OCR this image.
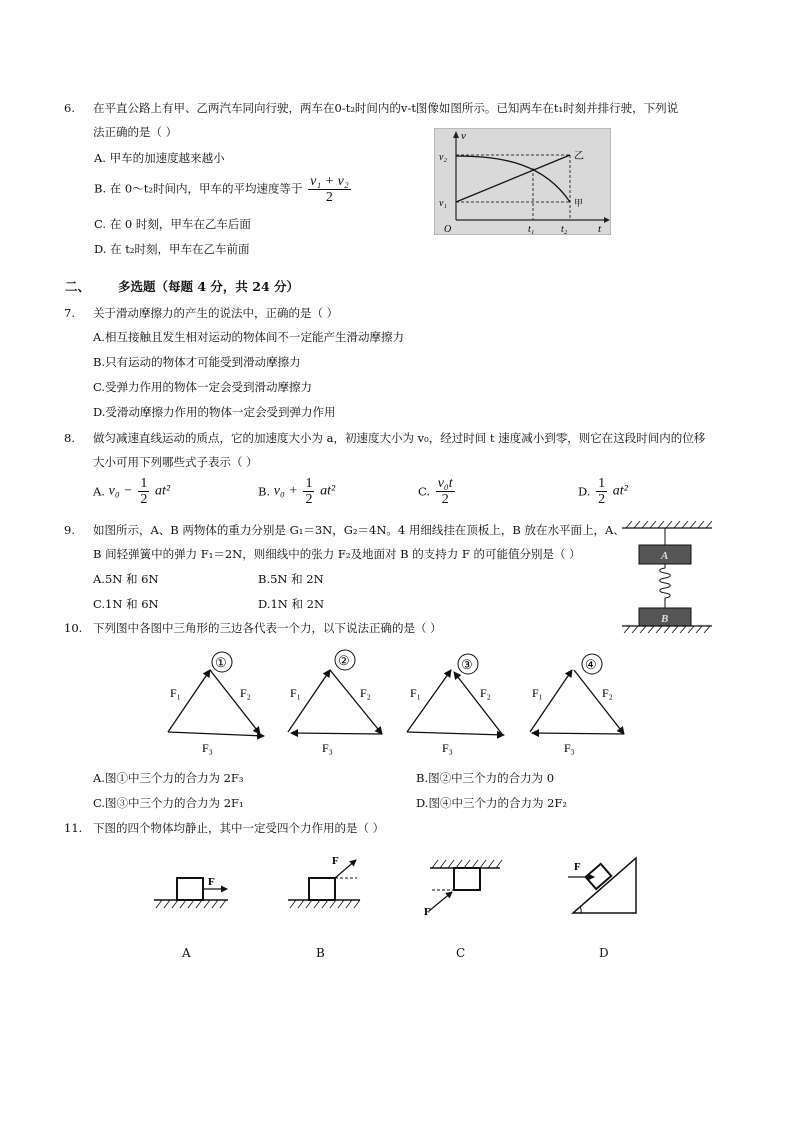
6. 在平直公路上有甲、乙两汽车同向行驶，两车在0-t₂时间内的v-t图像如图所示。已知两车在t₁时刻并排行驶，下列说
法正确的是（ ）
A. 甲车的加速度越来越小
B. 在 0～t₂时间内，甲车的平均速度等于 $\frac{\text{v₁ + v₂}}{2}$
C. 在 0 时刻，甲车在乙车后面
D. 在 t₂时刻，甲车在乙车前面
v
t
O
v₂
v₁
t₁	t₂
乙
甲
二、 多选题（每题 4 分，共 24 分）
7. 关于滑动摩擦力的产生的说法中，正确的是（ ）
A.相互接触且发生相对运动的物体间不一定能产生滑动摩擦力
B.只有运动的物体才可能受到滑动摩擦力
C.受弹力作用的物体一定会受到滑动摩擦力
D.受滑动摩擦力作用的物体一定会受到弹力作用
8. 做匀减速直线运动的质点，它的加速度大小为 a，初速度大小为 v₀，经过时间 t 速度减小到零，则它在这段时间内的位移
大小可用下列哪些式子表示（ ）
A. $v_0 - \frac{1}{2} at^2$	B. $v_0 + \frac{1}{2} at^2$	C. $\frac{\text{v₀t}}{2}$	D. $\frac{1}{2} at^2$
9. 如图所示，A、B 两物体的重力分别是 G₁＝3N，G₂＝4N。4 用细线挂在顶板上，B 放在水平面上，A、
B 间轻弹簧中的弹力 F₁＝2N，则细线中的张力 F₂及地面对 B 的支持力 F 的可能值分别是（ ）
A.5N 和 6N	B.5N 和 2N
C.1N 和 6N	D.1N 和 2N
A
B
10. 下列图中各图中三角形的三边各代表一个力，以下说法正确的是（ ）
①
F₁	F₂
F₃
②
F₁	F₂
F₃
③
F₁	F₂
F₃
④
F₁	F₂
F₃
A.图①中三个力的合力为 2F₃	B.图②中三个力的合力为 0
C.图③中三个力的合力为 2F₁	D.图④中三个力的合力为 2F₂
11. 下图的四个物体均静止，其中一定受四个力作用的是（ ）
F
F
F
F
A	B	C	D
